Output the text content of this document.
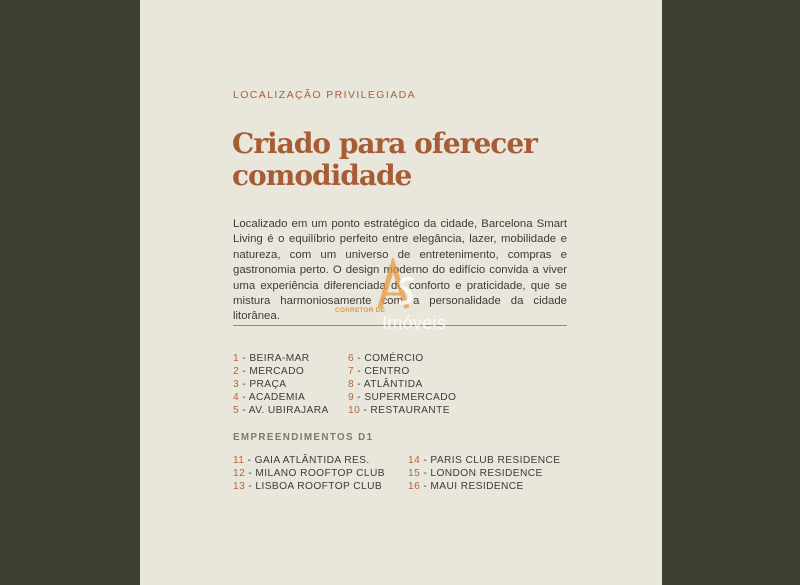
LOCALIZAÇÃO PRIVILEGIADA
Criado para oferecer
comodidade

Localizado em um ponto estratégico da cidade, Barcelona Smart Living é o equilíbrio perfeito entre elegância, lazer, mobilidade e natureza, com um universo de entretenimento, compras e gastronomia perto. O design moderno do edifício convida a viver uma experiência diferenciada de conforto e praticidade, que se mistura harmoniosamente com a personalidade da cidade litorânea.

1 - BEIRA-MAR
2 - MERCADO
3 - PRAÇA
4 - ACADEMIA
5 - AV. UBIRAJARA
6 - COMÉRCIO
7 - CENTRO
8 - ATLÂNTIDA
9 - SUPERMERCADO
10 - RESTAURANTE
EMPREENDIMENTOS D1
11 - GAIA ATLÂNTIDA RES.
12 - MILANO ROOFTOP CLUB
13 - LISBOA ROOFTOP CLUB
14 - PARIS CLUB RESIDENCE
15 - LONDON RESIDENCE
16 - MAUI RESIDENCE
CORRETOR DE
Imóveis
